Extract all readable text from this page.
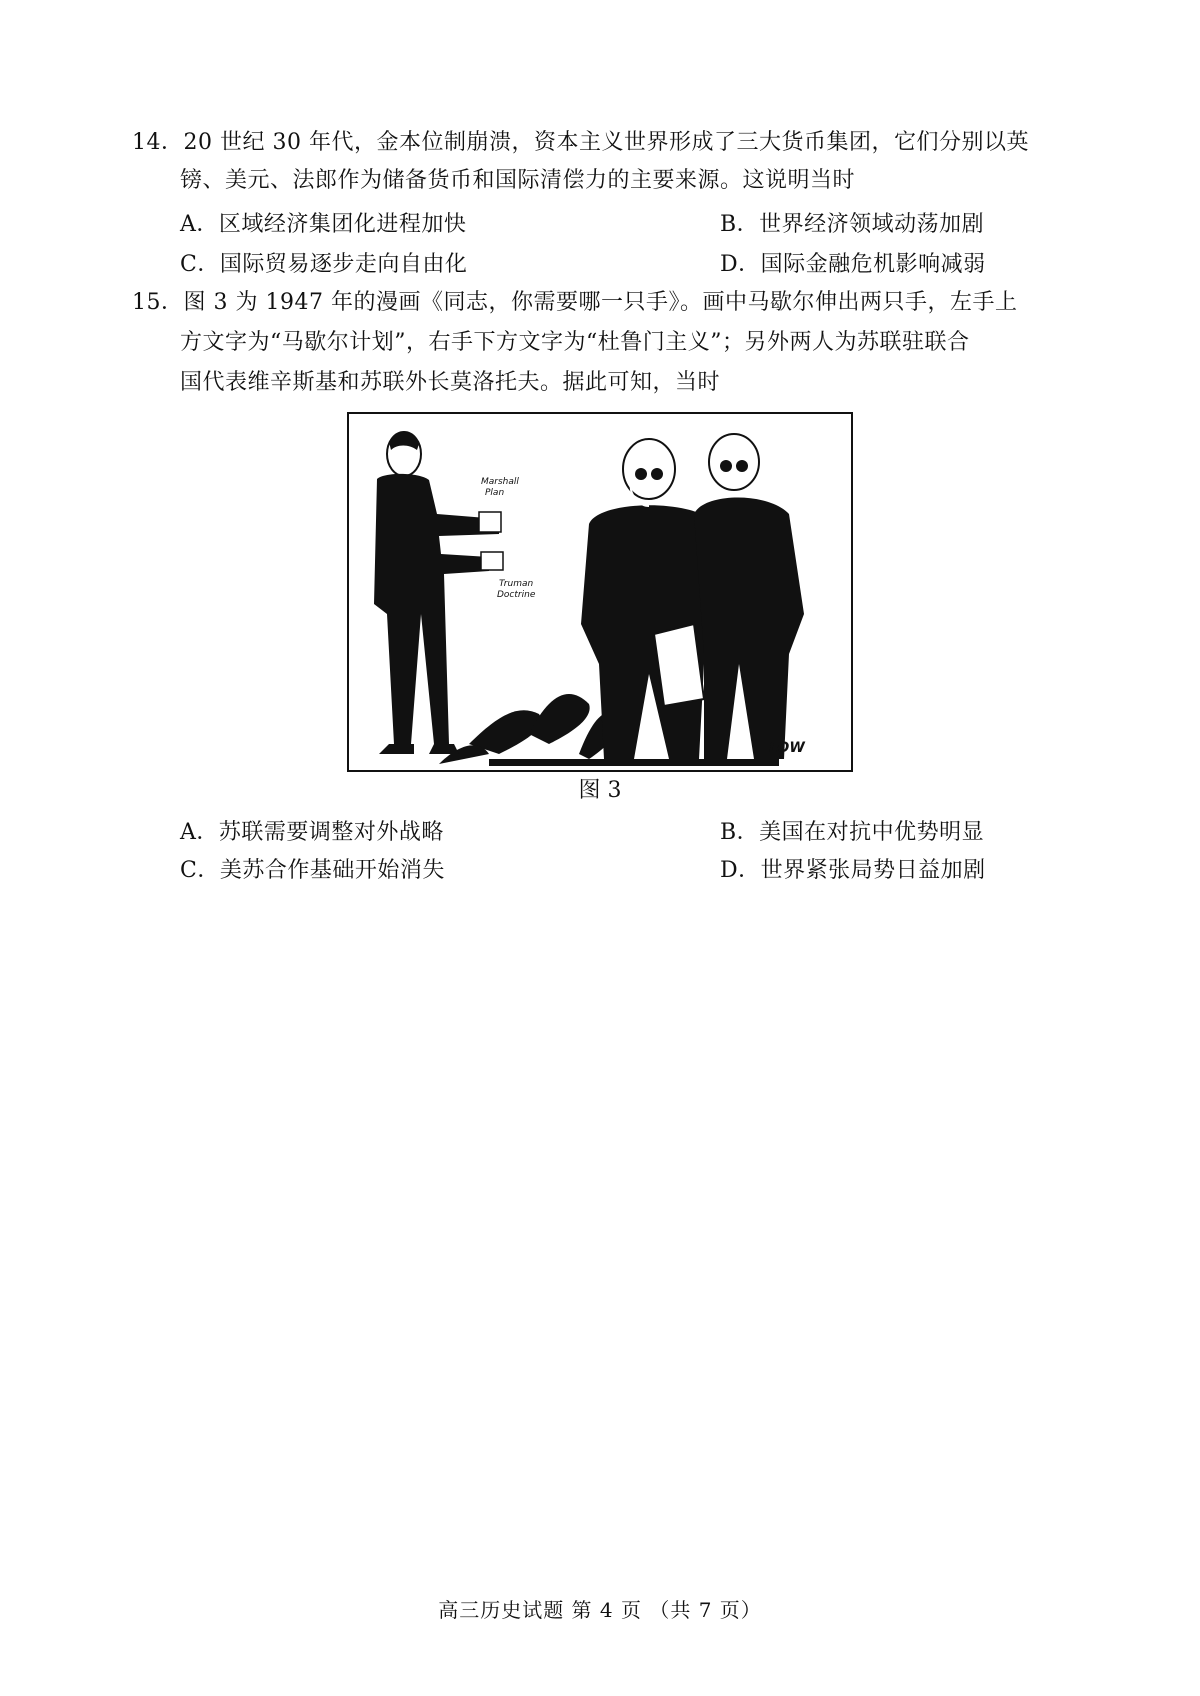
14．20 世纪 30 年代，金本位制崩溃，资本主义世界形成了三大货币集团，它们分别以英
镑、美元、法郎作为储备货币和国际清偿力的主要来源。这说明当时
A．区域经济集团化进程加快	B．世界经济领域动荡加剧
C．国际贸易逐步走向自由化	D．国际金融危机影响减弱
15．图 3 为 1947 年的漫画《同志，你需要哪一只手》。画中马歇尔伸出两只手，左手上
方文字为“马歇尔计划”，右手下方文字为“杜鲁门主义”；另外两人为苏联驻联合
国代表维辛斯基和苏联外长莫洛托夫。据此可知，当时
Marshall
Plan
Truman
Doctrine
LOW
图 3
A．苏联需要调整对外战略	B．美国在对抗中优势明显
C．美苏合作基础开始消失	D．世界紧张局势日益加剧
高三历史试题 第 4 页 （共 7 页）
